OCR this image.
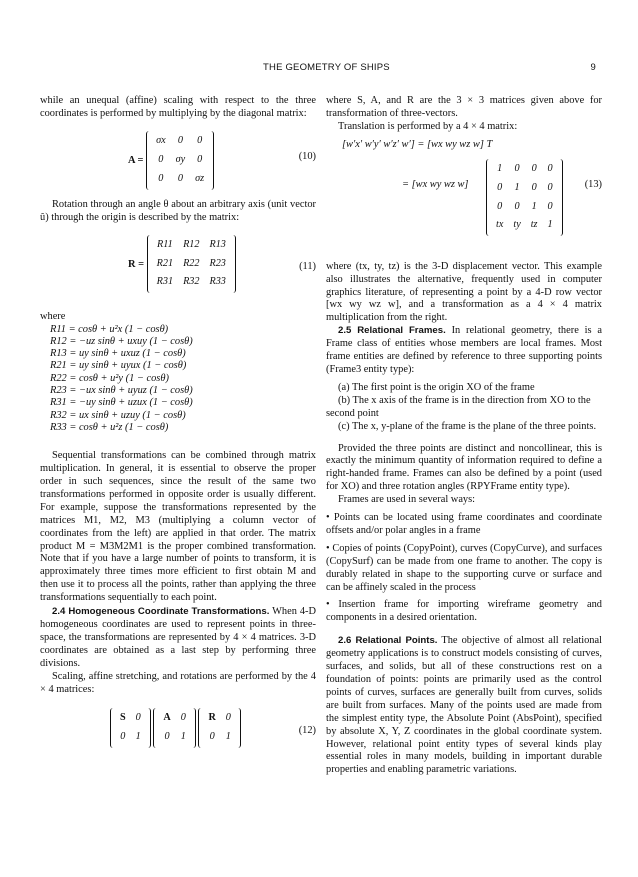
THE GEOMETRY OF SHIPS	9

while an unequal (affine) scaling with respect to the three coordinates is performed by multiplying by the diagonal matrix:

A =
σx	0	0
0	σy	0
0	0	σz
(10)

Rotation through an angle θ about an arbitrary axis (unit vector û) through the origin is described by the matrix:

R =
R11	R12	R13
R21	R22	R23
R31	R32	R33
(11)

where

R11 = cosθ + u²x (1 − cosθ)
R12 = −uz sinθ + uxuy (1 − cosθ)
R13 = uy sinθ + uxuz (1 − cosθ)
R21 = uy sinθ + uyux (1 − cosθ)
R22 = cosθ + u²y (1 − cosθ)
R23 = −ux sinθ + uyuz (1 − cosθ)
R31 = −uy sinθ + uzux (1 − cosθ)
R32 = ux sinθ + uzuy (1 − cosθ)
R33 = cosθ + u²z (1 − cosθ)

Sequential transformations can be combined through matrix multiplication. In general, it is essential to observe the proper order in such sequences, since the result of the same two transformations performed in opposite order is usually different. For example, suppose the transformations represented by the matrices M1, M2, M3 (multiplying a column vector of coordinates from the left) are applied in that order. The matrix product M = M3M2M1 is the proper combined transformation. Note that if you have a large number of points to transform, it is approximately three times more efficient to first obtain M and then use it to process all the points, rather than applying the three transformations sequentially to each point.

2.4 Homogeneous Coordinate Transformations. When 4-D homogeneous coordinates are used to represent points in three-space, the transformations are represented by 4 × 4 matrices. 3-D coordinates are obtained as a last step by performing three divisions.

Scaling, affine stretching, and rotations are performed by the 4 × 4 matrices:

S	0
0	1

A	0
0	1

R	0
0	1
(12)

where S, A, and R are the 3 × 3 matrices given above for transformation of three-vectors.

Translation is performed by a 4 × 4 matrix:

[w′x′ w′y′ w′z′ w′] = [wx wy wz w] T
= [wx wy wz w]
1	0	0	0
0	1	0	0
0	0	1	0
tx	ty	tz	1
(13)

where (tx, ty, tz) is the 3-D displacement vector. This example also illustrates the alternative, frequently used in computer graphics literature, of representing a point by a 4-D row vector [wx wy wz w], and a transformation as a 4 × 4 matrix multiplication from the right.

2.5 Relational Frames. In relational geometry, there is a Frame class of entities whose members are local frames. Most frame entities are defined by reference to three supporting points (Frame3 entity type):

(a) The first point is the origin XO of the frame

(b) The x axis of the frame is in the direction from XO to the second point

(c) The x, y-plane of the frame is the plane of the three points.

Provided the three points are distinct and noncollinear, this is exactly the minimum quantity of information required to define a right-handed frame. Frames can also be defined by a point (used for XO) and three rotation angles (RPYFrame entity type).

Frames are used in several ways:

• Points can be located using frame coordinates and coordinate offsets and/or polar angles in a frame

• Copies of points (CopyPoint), curves (CopyCurve), and surfaces (CopySurf) can be made from one frame to another. The copy is durably related in shape to the supporting curve or surface and can be affinely scaled in the process

• Insertion frame for importing wireframe geometry and components in a desired orientation.

2.6 Relational Points. The objective of almost all relational geometry applications is to construct models consisting of curves, surfaces, and solids, but all of these constructions rest on a foundation of points: points are primarily used as the control points of curves, surfaces are generally built from curves, solids are built from surfaces. Many of the points used are made from the simplest entity type, the Absolute Point (AbsPoint), specified by absolute X, Y, Z coordinates in the global coordinate system. However, relational point entity types of several kinds play essential roles in many models, building in important durable properties and enabling parametric variations.
